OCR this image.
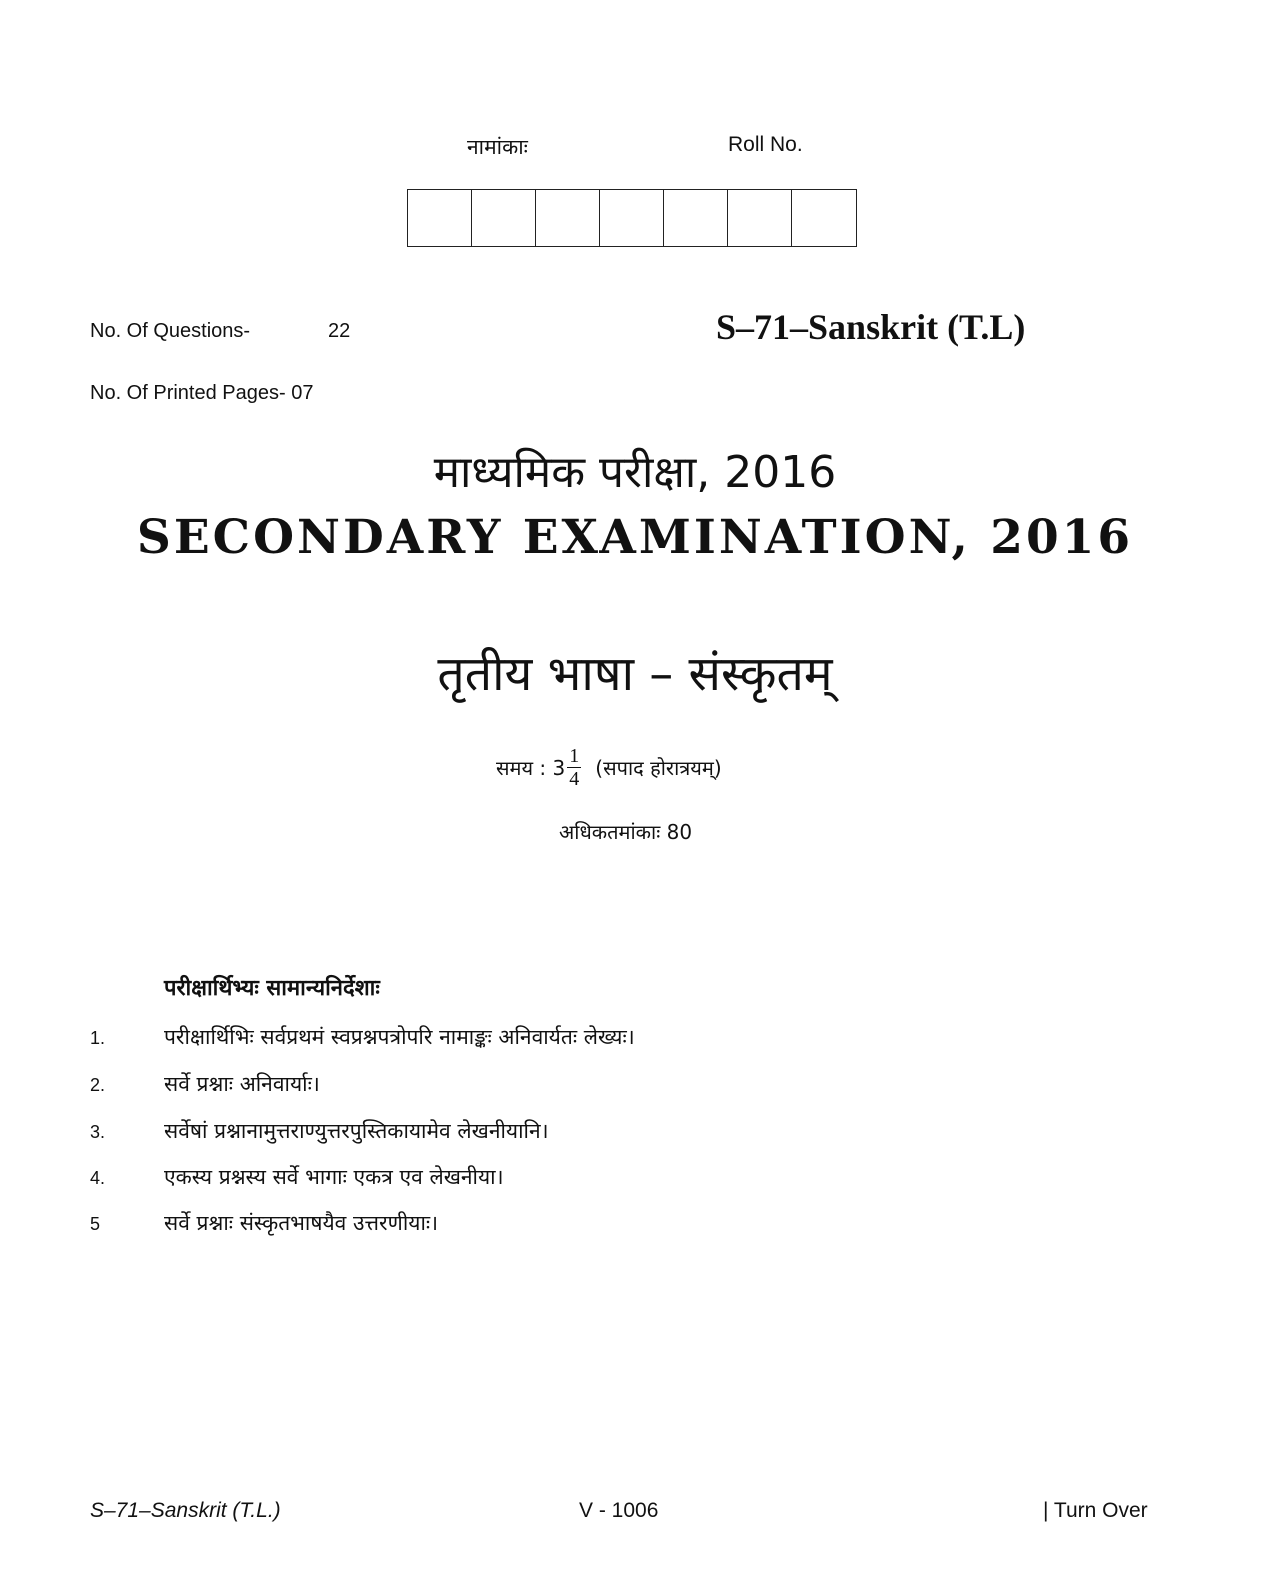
नामांकाः	Roll No.
No. Of Questions-	22
No. Of Printed Pages- 07
S–71–Sanskrit (T.L)
माध्यमिक परीक्षा, 2016
SECONDARY EXAMINATION, 2016
तृतीय भाषा – संस्कृतम्
समय : $3 \frac{1}{4}$ (सपाद होरात्रयम्)
अधिकतमांकाः 80
परीक्षार्थिभ्यः सामान्यनिर्देशाः
1.	परीक्षार्थिभिः सर्वप्रथमं स्वप्रश्नपत्रोपरि नामाङ्कः अनिवार्यतः लेख्यः।
2.	सर्वे प्रश्नाः अनिवार्याः।
3.	सर्वेषां प्रश्नानामुत्तराण्युत्तरपुस्तिकायामेव लेखनीयानि।
4.	एकस्य प्रश्नस्य सर्वे भागाः एकत्र एव लेखनीया।
5	सर्वे प्रश्नाः संस्कृतभाषयैव उत्तरणीयाः।
S–71–Sanskrit (T.L.)	V - 1006	| Turn Over
